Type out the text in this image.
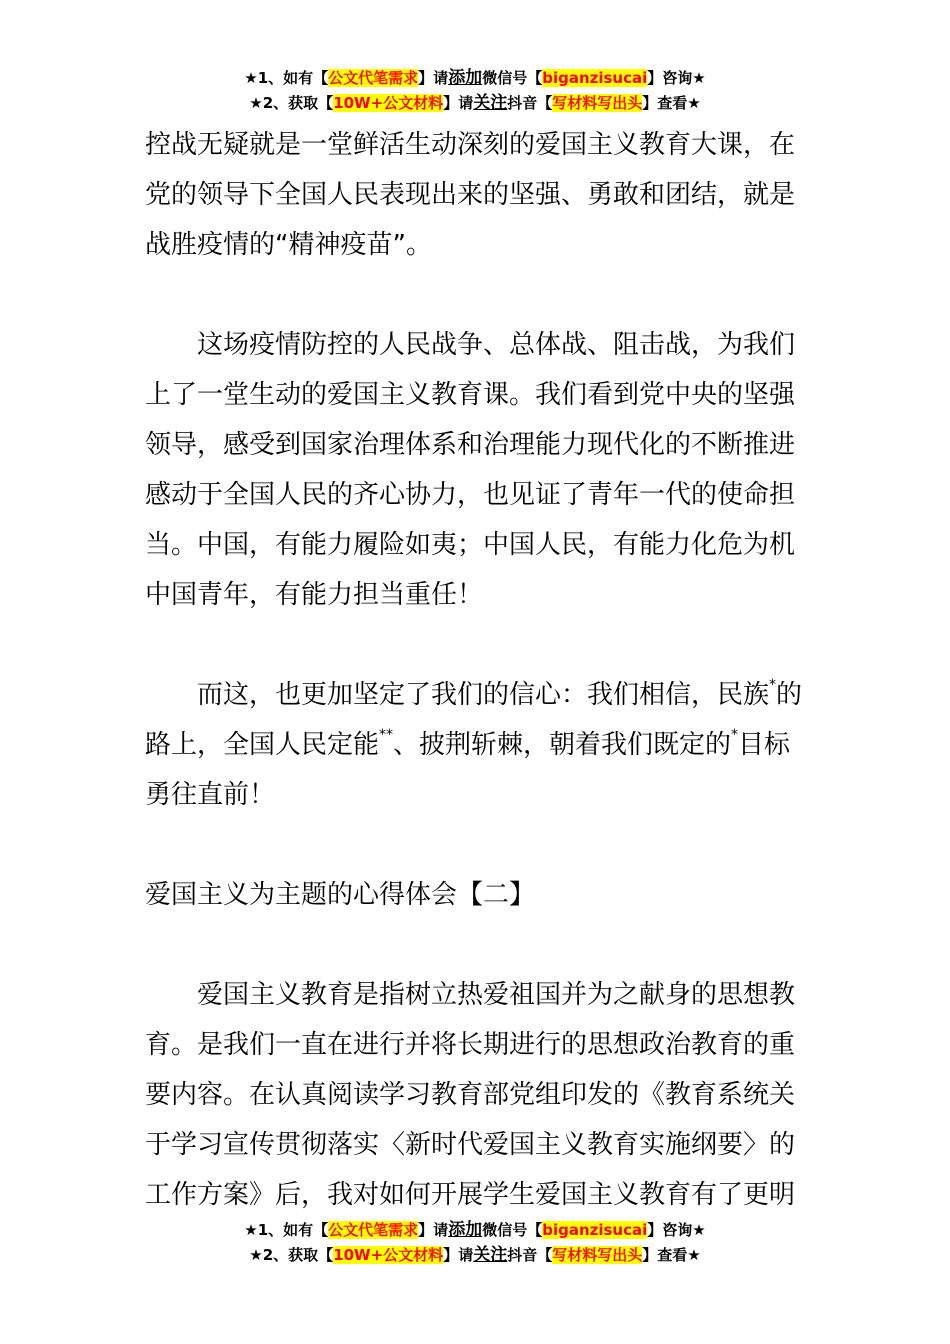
★1、如有【公文代笔需求】请添加微信号【biganzisucai】咨询★
★2、获取【10W+公文材料】请关注抖音【写材料写出头】查看★

控战无疑就是一堂鲜活生动深刻的爱国主义教育大课，在

党的领导下全国人民表现出来的坚强、勇敢和团结，就是

战胜疫情的“精神疫苗”。

这场疫情防控的人民战争、总体战、阻击战，为我们

上了一堂生动的爱国主义教育课。我们看到党中央的坚强

领导，感受到国家治理体系和治理能力现代化的不断推进

感动于全国人民的齐心协力，也见证了青年一代的使命担

当。中国，有能力履险如夷；中国人民，有能力化危为机

中国青年，有能力担当重任！

而这，也更加坚定了我们的信心：我们相信，民族*的

路上，全国人民定能**、披荆斩棘，朝着我们既定的*目标

勇往直前！

爱国主义为主题的心得体会【二】

爱国主义教育是指树立热爱祖国并为之献身的思想教

育。是我们一直在进行并将长期进行的思想政治教育的重

要内容。在认真阅读学习教育部党组印发的《教育系统关

于学习宣传贯彻落实〈新时代爱国主义教育实施纲要〉的

工作方案》后，我对如何开展学生爱国主义教育有了更明

★1、如有【公文代笔需求】请添加微信号【biganzisucai】咨询★
★2、获取【10W+公文材料】请关注抖音【写材料写出头】查看★
